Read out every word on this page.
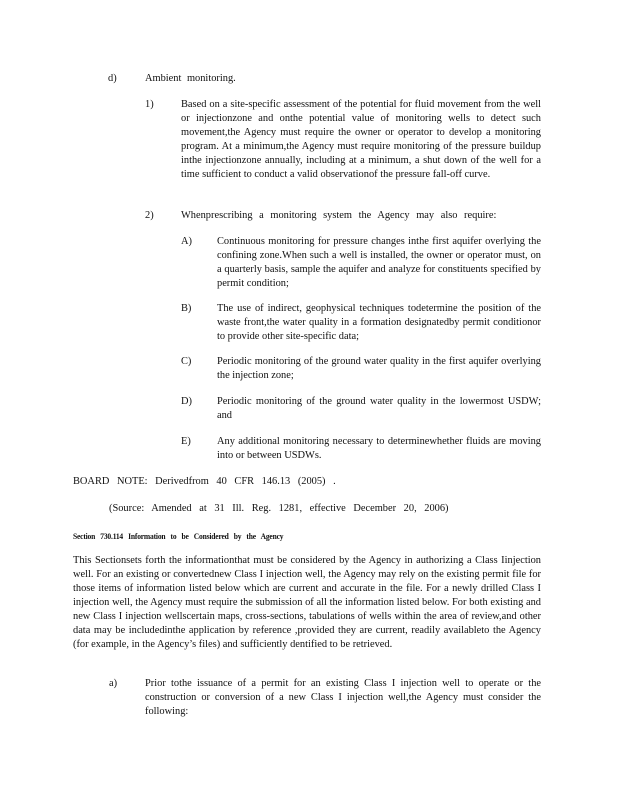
d)	Ambient monitoring.
1)	Based on a site-specific assessment of the potential for fluid movement from the well or injectionzone and onthe potential value of monitoring wells to detect such movement,the Agency must require the owner or operator to develop a monitoring program. At a minimum,the Agency must require monitoring of the pressure buildup inthe injectionzone annually, including at a minimum, a shut down of the well for a time sufficient to conduct a valid observationof the pressure fall-off curve.
2)	Whenprescribing a monitoring system the Agency may also require:
A) Continuous monitoring for pressure changes inthe first aquifer overlying the confining zone.When such a well is installed, the owner or operator must, on a quarterly basis, sample the aquifer and analyze for constituents specified by permit condition;
B) The use of indirect, geophysical techniques todetermine the position of the waste front,the water quality in a formation designatedby permit conditionor to provide other site-specific data;
C) Periodic monitoring of the ground water quality in the first aquifer overlying the injection zone;
D) Periodic monitoring of the ground water quality in the lowermost USDW; and
E)	Any additional monitoring necessary to determinewhether fluids are moving into or between USDWs.
BOARD NOTE: Derivedfrom 40 CFR 146.13 (2005) .
(Source: Amended at 31 Ill. Reg. 1281, effective December 20, 2006)
Section   730.114   Information   to   be   Considered   by   the   Agency
This Sectionsets forth the informationthat must be considered by the Agency in authorizing a Class Iinjection well. For an existing or convertednew Class I injection well, the Agency may rely on the existing permit file for those items of information listed below which are current and accurate in the file. For a newly drilled Class I injection well, the Agency must require the submission of all the information listed below. For both existing and new Class I injection wellscertain maps, cross-sections, tabulations of wells within the area of review,and other data may be includedinthe application by reference ,provided they are current, readily availableto the Agency (for example, in the Agency’s files) and sufficiently dentified to be retrieved.
a)	Prior tothe issuance of a permit for an existing Class I injection well to operate or the construction or conversion of a new Class I injection well,the Agency must consider the following:
